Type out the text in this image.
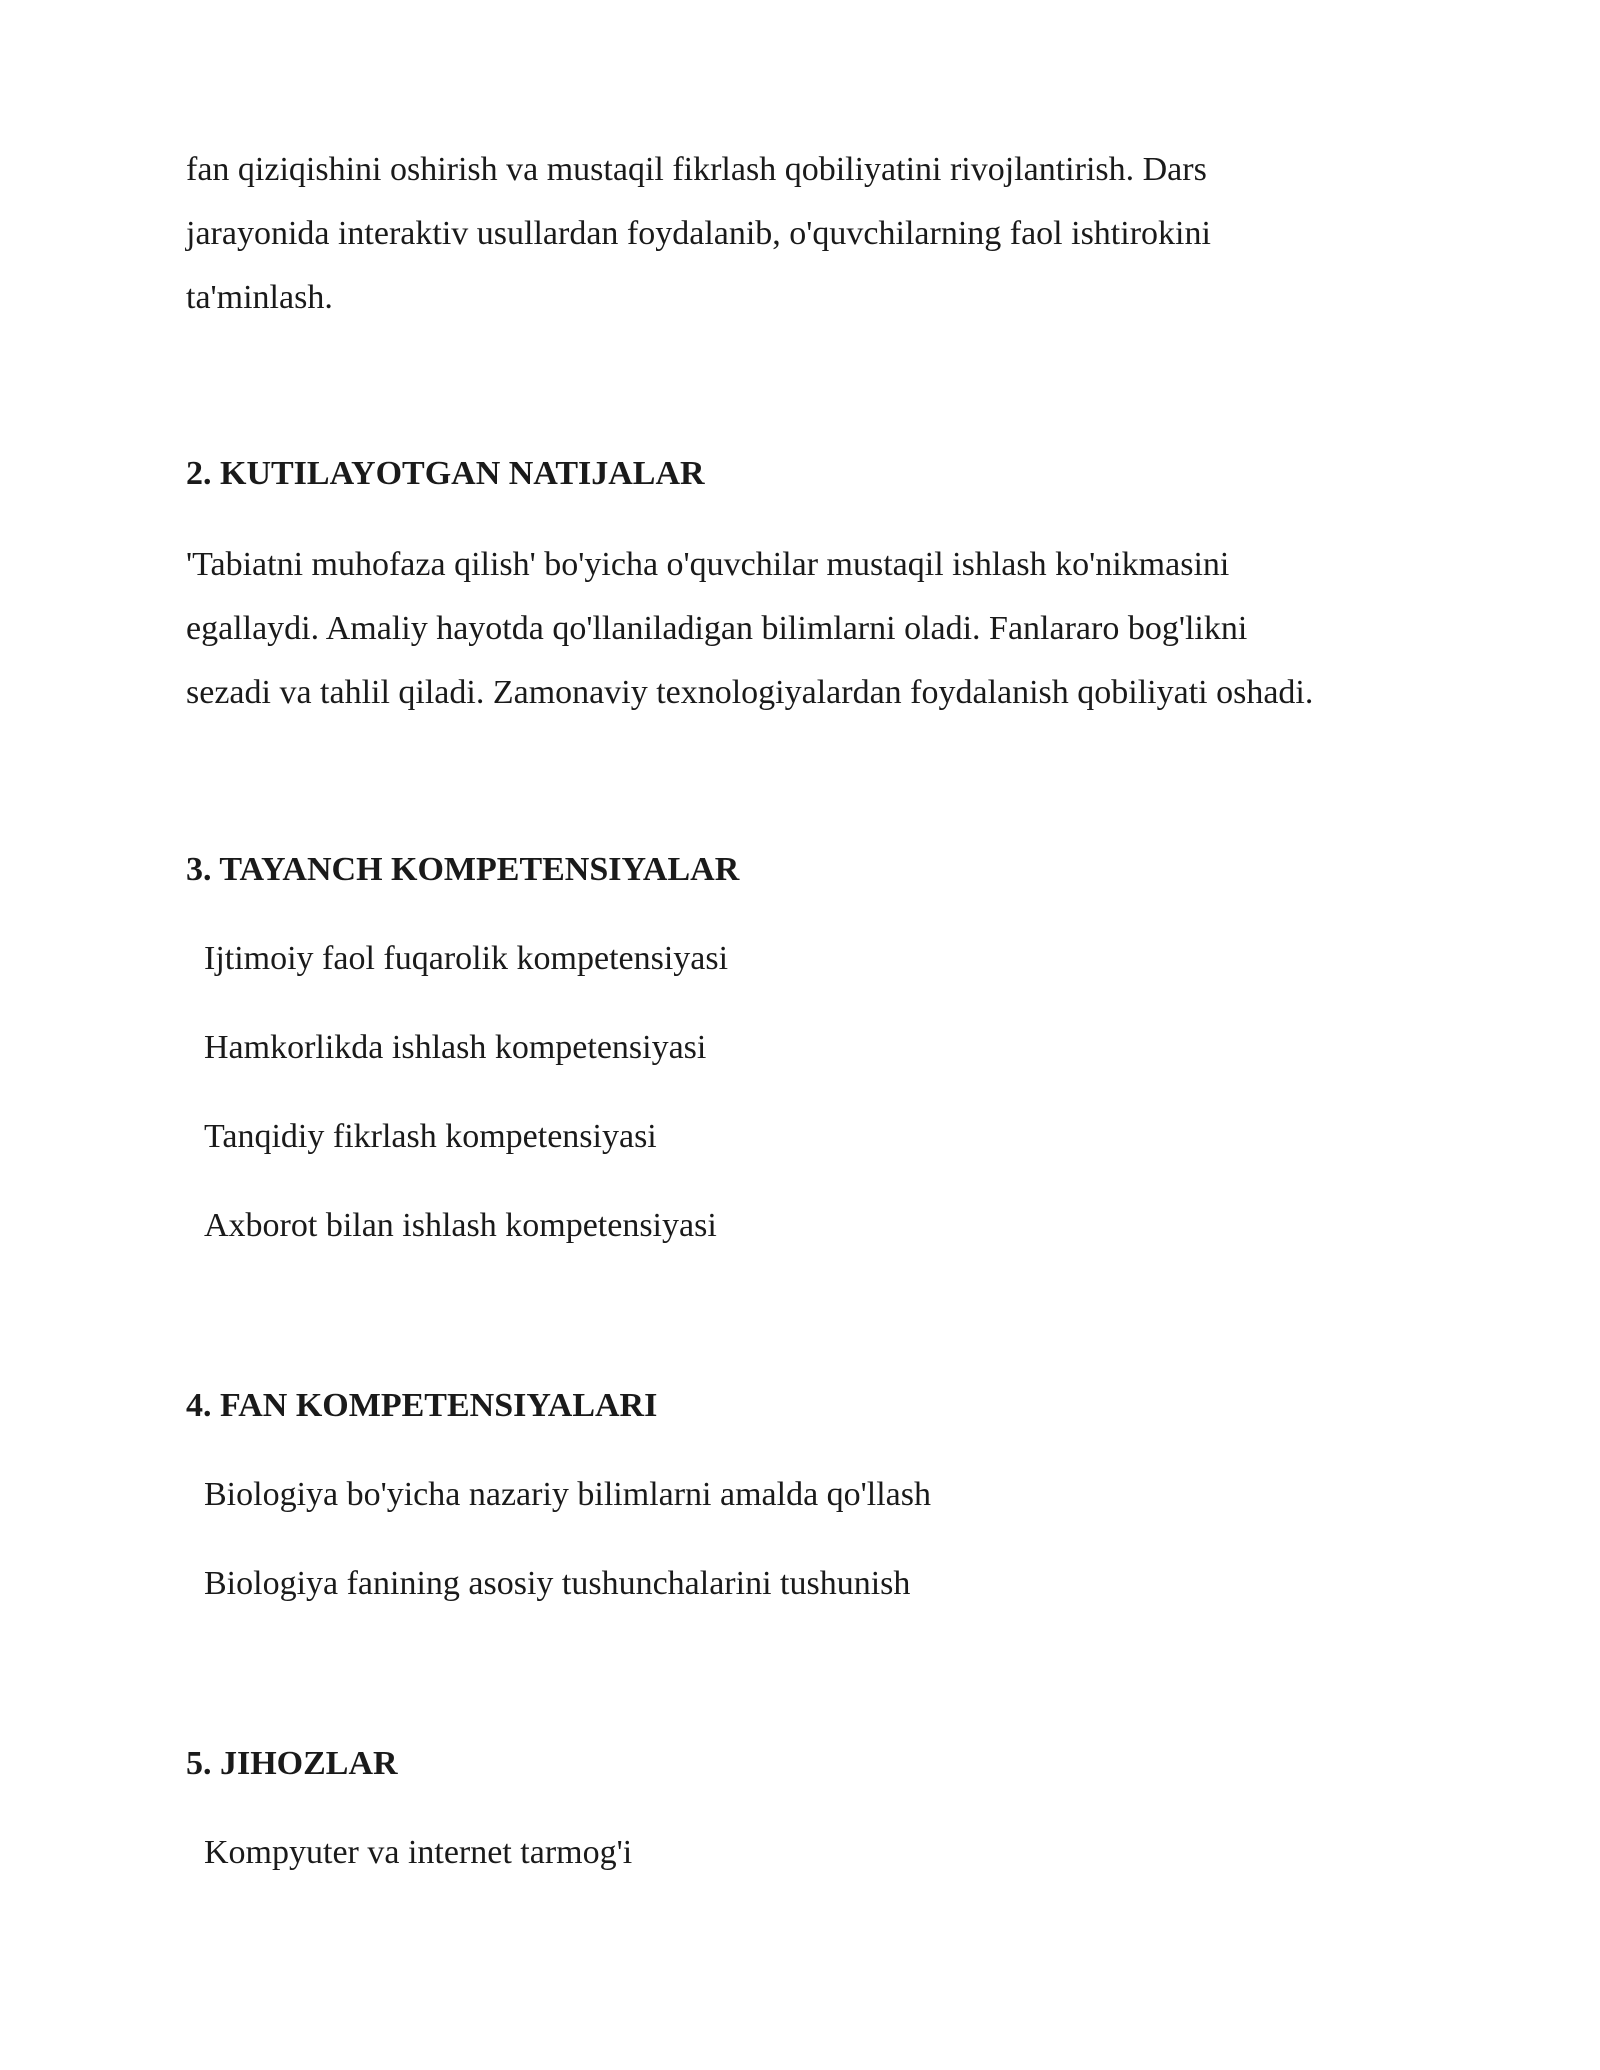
fan qiziqishini oshirish va mustaqil fikrlash qobiliyatini rivojlantirish. Dars

jarayonida interaktiv usullardan foydalanib, o'quvchilarning faol ishtirokini

ta'minlash.

2. KUTILAYOTGAN NATIJALAR

'Tabiatni muhofaza qilish' bo'yicha o'quvchilar mustaqil ishlash ko'nikmasini

egallaydi. Amaliy hayotda qo'llaniladigan bilimlarni oladi. Fanlararo bog'likni

sezadi va tahlil qiladi. Zamonaviy texnologiyalardan foydalanish qobiliyati oshadi.

3. TAYANCH KOMPETENSIYALAR

Ijtimoiy faol fuqarolik kompetensiyasi

Hamkorlikda ishlash kompetensiyasi

Tanqidiy fikrlash kompetensiyasi

Axborot bilan ishlash kompetensiyasi

4. FAN KOMPETENSIYALARI

Biologiya bo'yicha nazariy bilimlarni amalda qo'llash

Biologiya fanining asosiy tushunchalarini tushunish

5. JIHOZLAR

Kompyuter va internet tarmog'i
